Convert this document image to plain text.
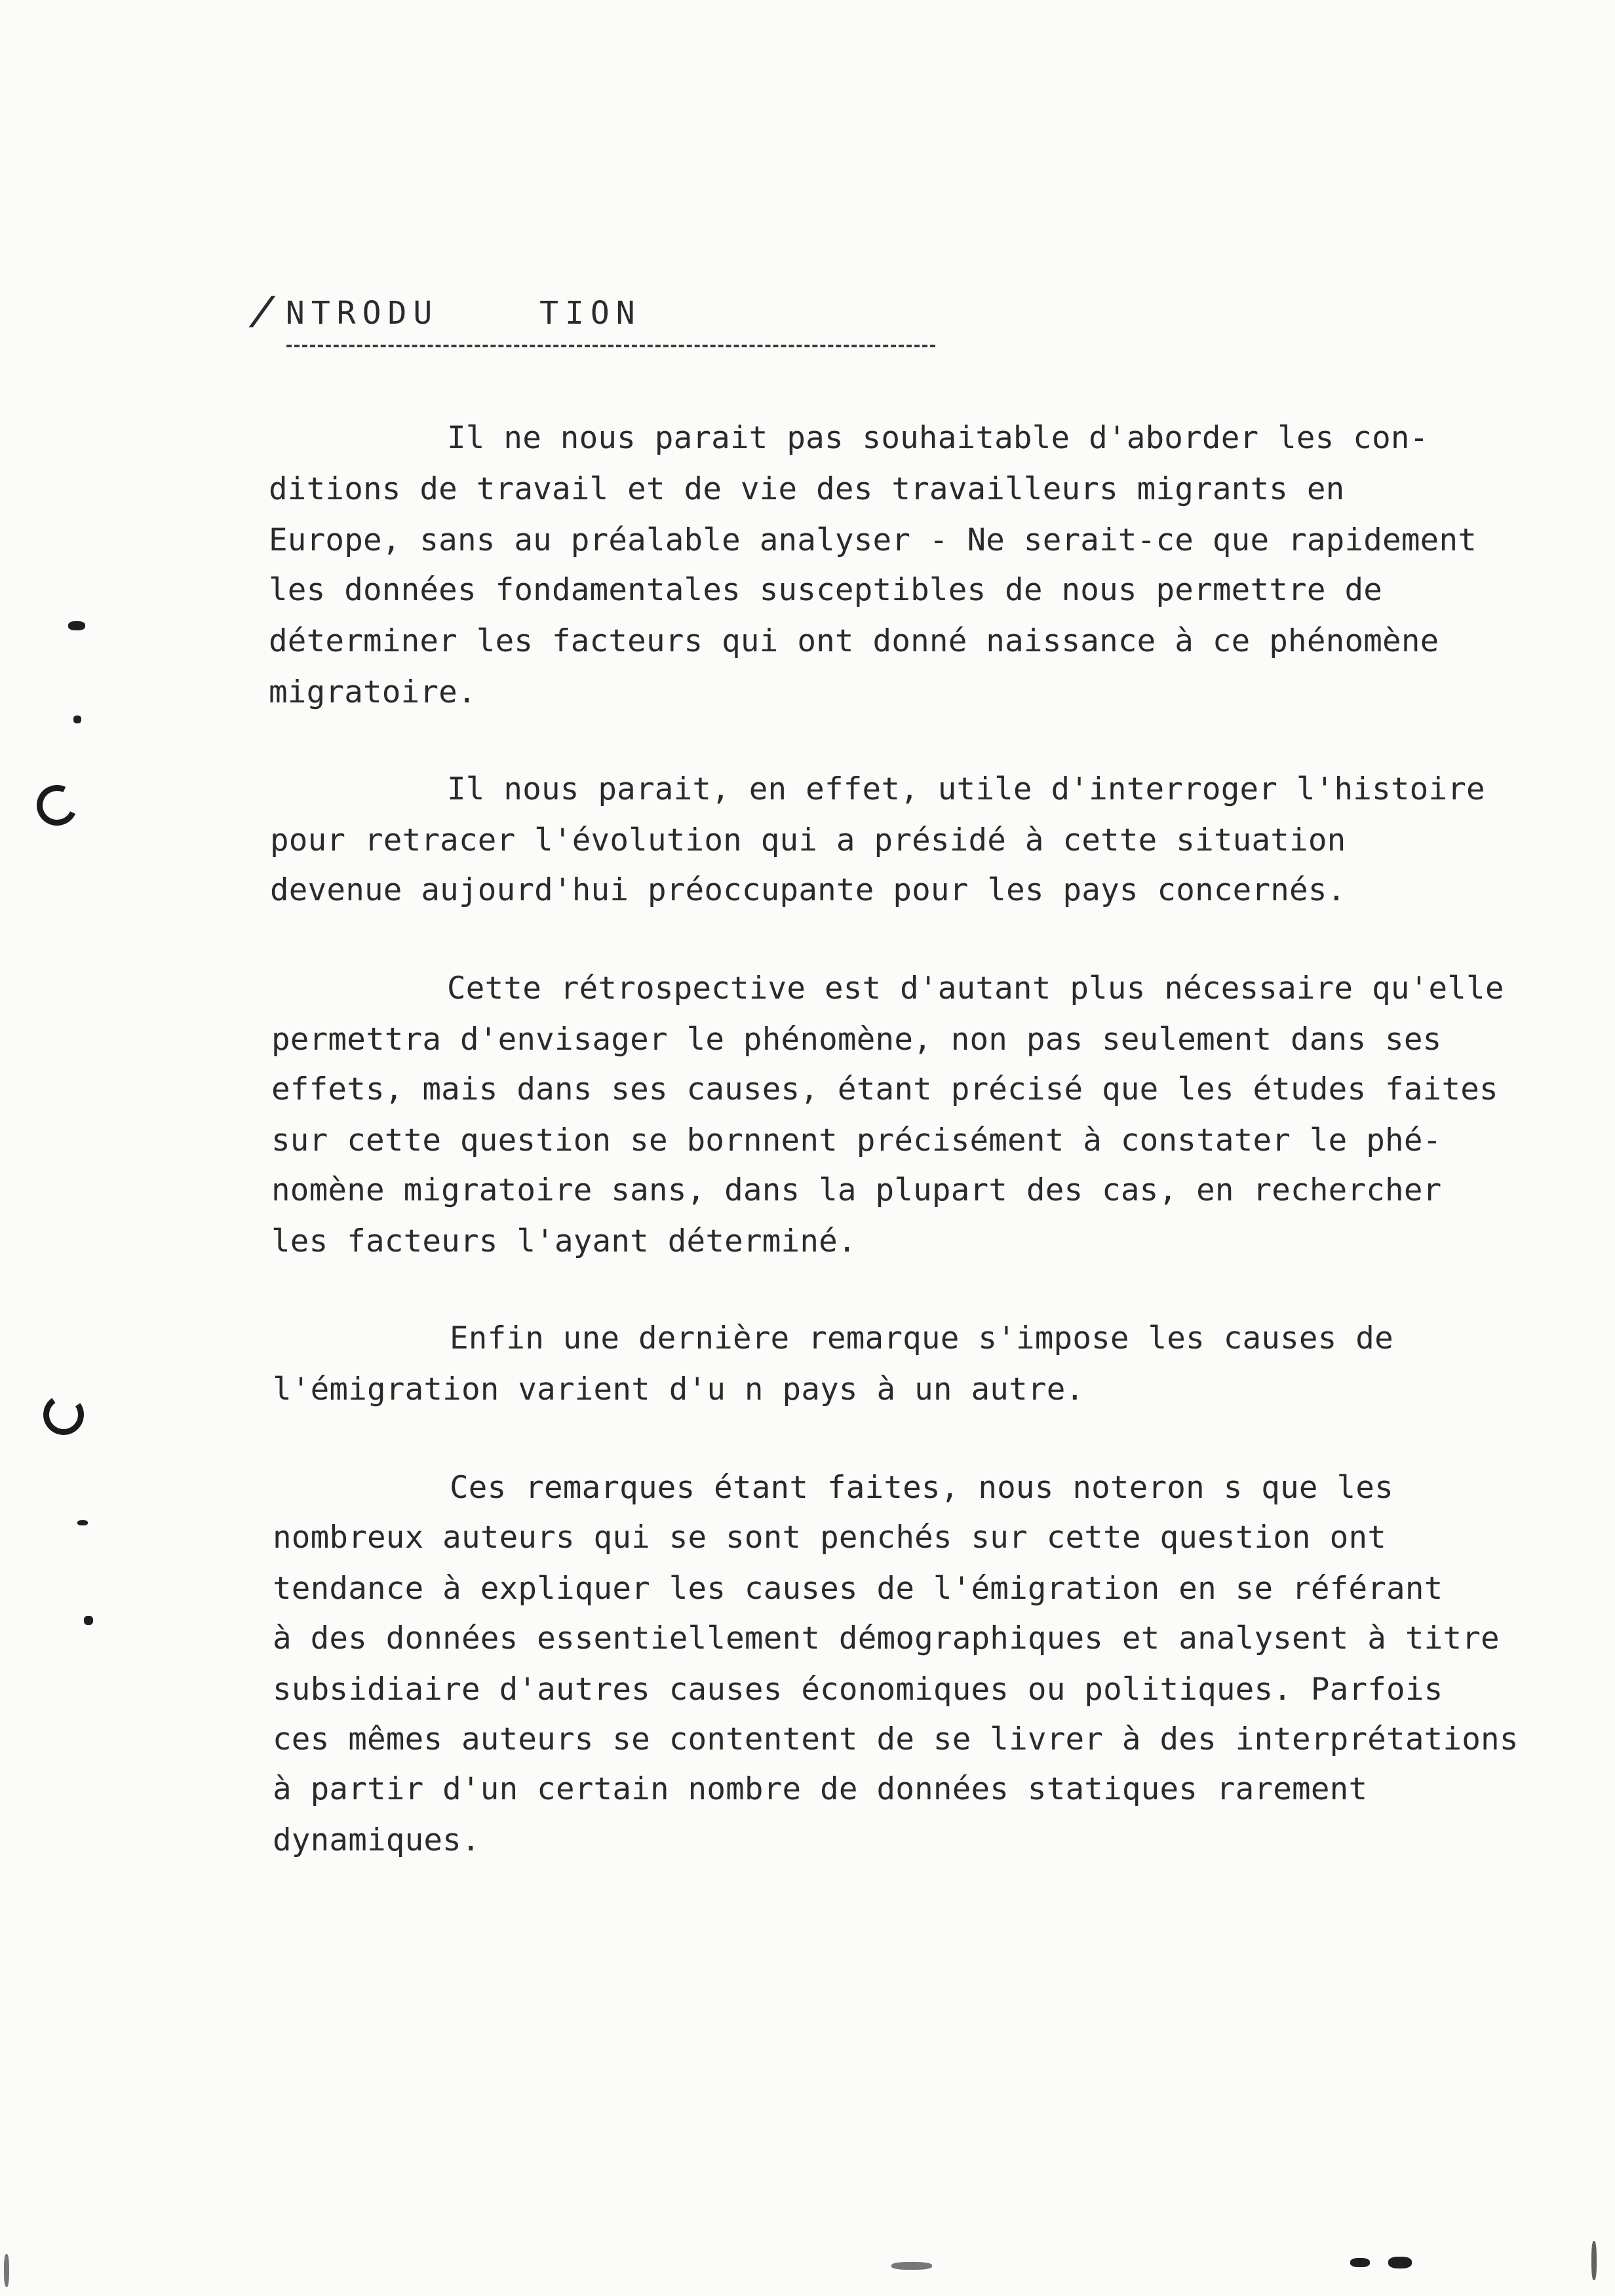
/NTRODU  TION
Il ne nous parait pas souhaitable d'aborder les con-
ditions de travail et de vie des travailleurs migrants en
Europe, sans au préalable analyser - Ne serait-ce que rapidement
les données fondamentales susceptibles de nous permettre de
déterminer les facteurs qui ont donné naissance à ce phénomène
migratoire.
Il nous parait, en effet, utile d'interroger l'histoire
pour retracer l'évolution qui a présidé à cette situation
devenue aujourd'hui préoccupante pour les pays concernés.
Cette rétrospective est d'autant plus nécessaire qu'elle
permettra d'envisager le phénomène, non pas seulement dans ses
effets, mais dans ses causes, étant précisé que les études faites
sur cette question se bornnent précisément à constater le phé-
nomène migratoire sans, dans la plupart des cas, en rechercher
les facteurs l'ayant déterminé.
Enfin une dernière remarque s'impose les causes de
l'émigration varient d'u n pays à un autre.
Ces remarques étant faites, nous noteron s que les
nombreux auteurs qui se sont penchés sur cette question ont
tendance à expliquer les causes de l'émigration en se référant
à des données essentiellement démographiques et analysent à titre
subsidiaire d'autres causes économiques ou politiques. Parfois
ces mêmes auteurs se contentent de se livrer à des interprétations
à partir d'un certain nombre de données statiques rarement
dynamiques.
